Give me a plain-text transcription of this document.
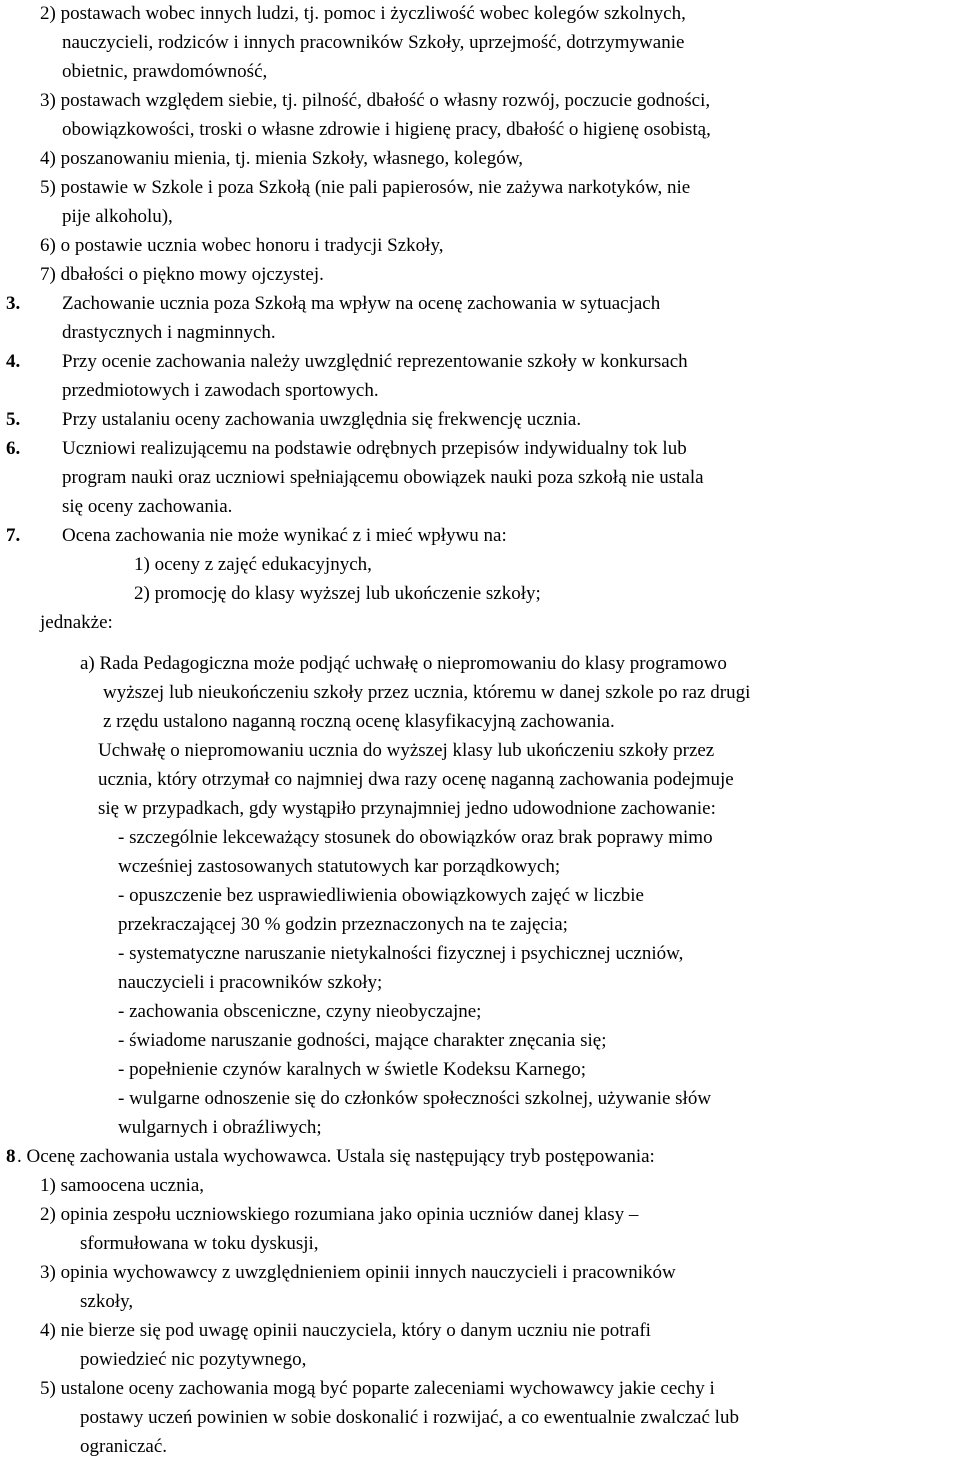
2) postawach wobec innych ludzi, tj. pomoc i życzliwość wobec kolegów szkolnych,
nauczycieli, rodziców i innych pracowników Szkoły, uprzejmość, dotrzymywanie
obietnic, prawdomówność,
3) postawach względem siebie, tj. pilność, dbałość o własny rozwój, poczucie godności,
obowiązkowości, troski o własne zdrowie i higienę pracy, dbałość o higienę osobistą,
4) poszanowaniu mienia, tj. mienia Szkoły, własnego, kolegów,
5) postawie w Szkole i poza Szkołą (nie pali papierosów, nie zażywa narkotyków, nie
pije alkoholu),
6) o postawie ucznia wobec honoru i tradycji Szkoły,
7) dbałości o piękno mowy ojczystej.
3. Zachowanie ucznia poza Szkołą ma wpływ na ocenę zachowania w sytuacjach
drastycznych i nagminnych.
4. Przy ocenie zachowania należy uwzględnić reprezentowanie szkoły w konkursach
przedmiotowych i zawodach sportowych.
5. Przy ustalaniu oceny zachowania uwzględnia się frekwencję ucznia.
6. Uczniowi realizującemu na podstawie odrębnych przepisów indywidualny tok lub
program nauki oraz uczniowi spełniającemu obowiązek nauki poza szkołą nie ustala
się oceny zachowania.
7. Ocena zachowania nie może wynikać z i mieć wpływu na:
1) oceny z zajęć edukacyjnych,
2) promocję do klasy wyższej lub ukończenie szkoły;
jednakże:
a) Rada Pedagogiczna może podjąć uchwałę o niepromowaniu do klasy programowo
wyższej lub nieukończeniu szkoły przez ucznia, któremu w danej szkole po raz drugi
z rzędu ustalono naganną roczną ocenę klasyfikacyjną zachowania.
Uchwałę o niepromowaniu ucznia do wyższej klasy lub ukończeniu szkoły przez
ucznia, który otrzymał co najmniej dwa razy ocenę naganną zachowania podejmuje
się w przypadkach, gdy wystąpiło przynajmniej jedno udowodnione zachowanie:
- szczególnie lekceważący stosunek do obowiązków oraz brak poprawy mimo
wcześniej zastosowanych statutowych kar porządkowych;
- opuszczenie bez usprawiedliwienia obowiązkowych zajęć w liczbie
przekraczającej 30 % godzin przeznaczonych na te zajęcia;
- systematyczne naruszanie nietykalności fizycznej i psychicznej uczniów,
nauczycieli i pracowników szkoły;
- zachowania obsceniczne, czyny nieobyczajne;
- świadome naruszanie godności, mające charakter znęcania się;
- popełnienie czynów karalnych w świetle Kodeksu Karnego;
- wulgarne odnoszenie się do członków społeczności szkolnej, używanie słów
wulgarnych i obraźliwych;
8 . Ocenę zachowania ustala wychowawca. Ustala się następujący tryb postępowania:
1) samoocena ucznia,
2) opinia zespołu uczniowskiego rozumiana jako opinia uczniów danej klasy –
sformułowana w toku dyskusji,
3) opinia wychowawcy z uwzględnieniem opinii innych nauczycieli i pracowników
szkoły,
4) nie bierze się pod uwagę opinii nauczyciela, który o danym uczniu nie potrafi
powiedzieć nic pozytywnego,
5) ustalone oceny zachowania mogą być poparte zaleceniami wychowawcy jakie cechy i
postawy uczeń powinien w sobie doskonalić i rozwijać, a co ewentualnie zwalczać lub
ograniczać.
